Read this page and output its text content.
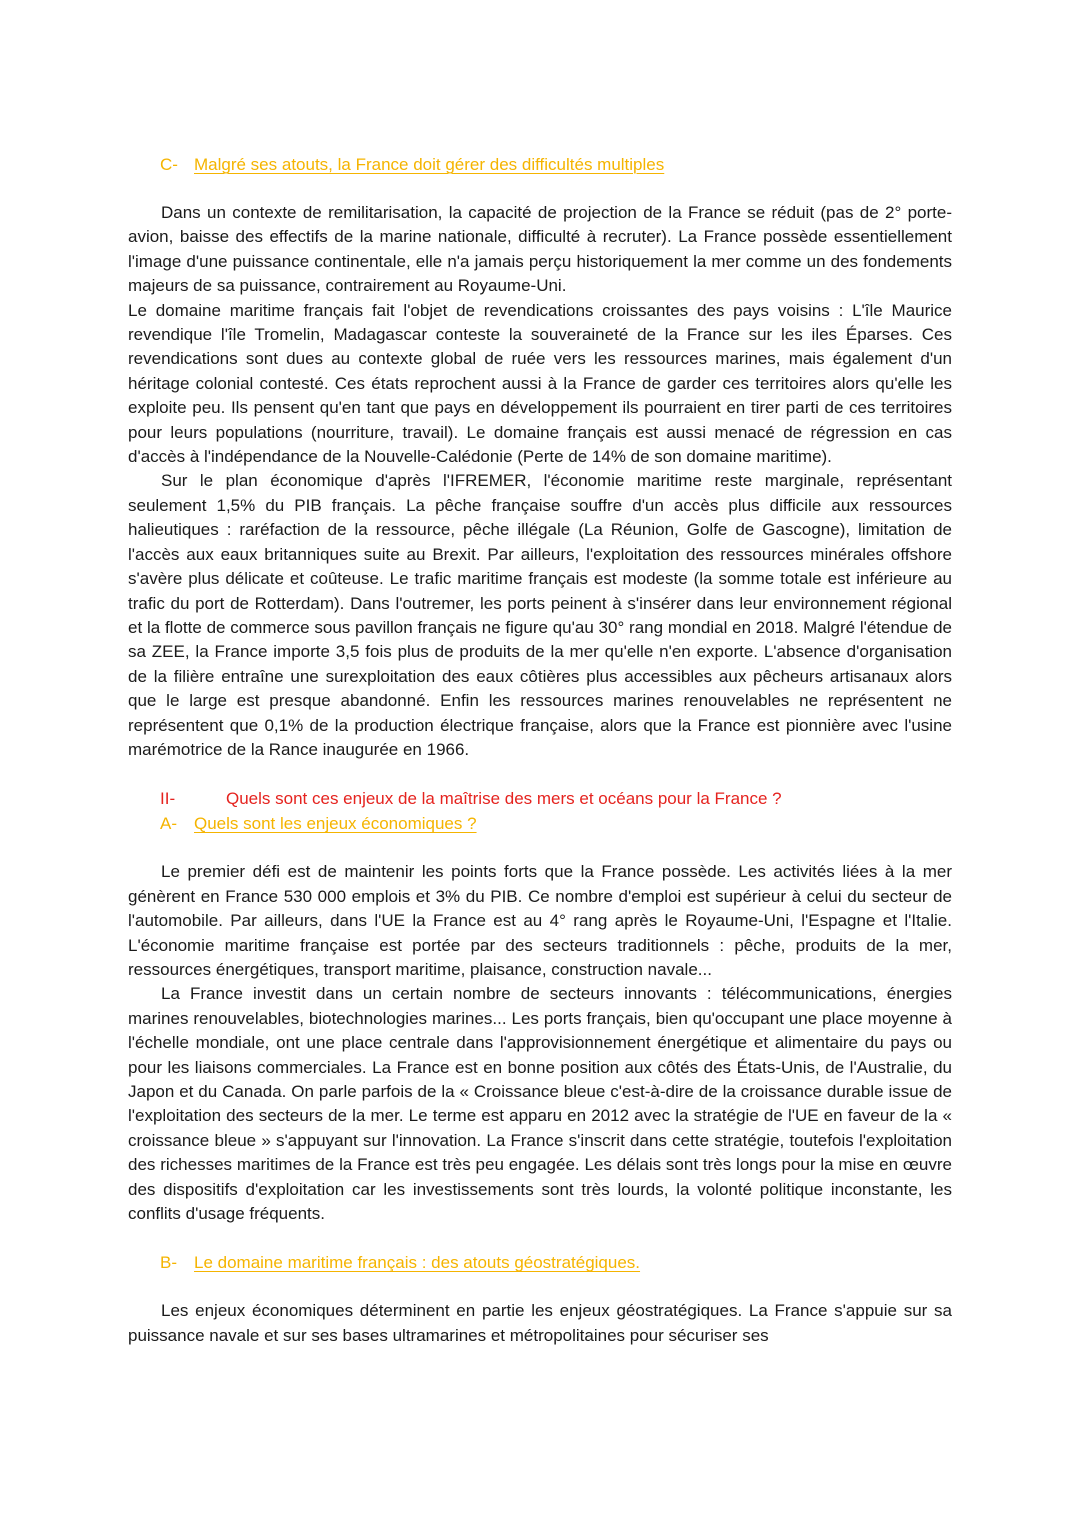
C- Malgré ses atouts, la France doit gérer des difficultés multiples

Dans un contexte de remilitarisation, la capacité de projection de la France se réduit (pas de 2° porte-avion, baisse des effectifs de la marine nationale, difficulté à recruter). La France possède essentiellement l'image d'une puissance continentale, elle n'a jamais perçu historiquement la mer comme un des fondements majeurs de sa puissance, contrairement au Royaume-Uni.

Le domaine maritime français fait l'objet de revendications croissantes des pays voisins : L'île Maurice revendique l'île Tromelin, Madagascar conteste la souveraineté de la France sur les iles Éparses. Ces revendications sont dues au contexte global de ruée vers les ressources marines, mais également d'un héritage colonial contesté. Ces états reprochent aussi à la France de garder ces territoires alors qu'elle les exploite peu. Ils pensent qu'en tant que pays en développement ils pourraient en tirer parti de ces territoires pour leurs populations (nourriture, travail). Le domaine français est aussi menacé de régression en cas d'accès à l'indépendance de la Nouvelle-Calédonie (Perte de 14% de son domaine maritime).

Sur le plan économique d'après l'IFREMER, l'économie maritime reste marginale, représentant seulement 1,5% du PIB français. La pêche française souffre d'un accès plus difficile aux ressources halieutiques : raréfaction de la ressource, pêche illégale (La Réunion, Golfe de Gascogne), limitation de l'accès aux eaux britanniques suite au Brexit. Par ailleurs, l'exploitation des ressources minérales offshore s'avère plus délicate et coûteuse. Le trafic maritime français est modeste (la somme totale est inférieure au trafic du port de Rotterdam). Dans l'outremer, les ports peinent à s'insérer dans leur environnement régional et la flotte de commerce sous pavillon français ne figure qu'au 30° rang mondial en 2018. Malgré l'étendue de sa ZEE, la France importe 3,5 fois plus de produits de la mer qu'elle n'en exporte. L'absence d'organisation de la filière entraîne une surexploitation des eaux côtières plus accessibles aux pêcheurs artisanaux alors que le large est presque abandonné. Enfin les ressources marines renouvelables ne représentent ne représentent que 0,1% de la production électrique française, alors que la France est pionnière avec l'usine marémotrice de la Rance inaugurée en 1966.

II-	Quels sont ces enjeux de la maîtrise des mers et océans pour la France ?
A- Quels sont les enjeux économiques ?

Le premier défi est de maintenir les points forts que la France possède. Les activités liées à la mer génèrent en France 530 000 emplois et 3% du PIB. Ce nombre d'emploi est supérieur à celui du secteur de l'automobile. Par ailleurs, dans l'UE la France est au 4° rang après le Royaume-Uni, l'Espagne et l'Italie. L'économie maritime française est portée par des secteurs traditionnels : pêche, produits de la mer, ressources énergétiques, transport maritime, plaisance, construction navale...

La France investit dans un certain nombre de secteurs innovants : télécommunications, énergies marines renouvelables, biotechnologies marines... Les ports français, bien qu'occupant une place moyenne à l'échelle mondiale, ont une place centrale dans l'approvisionnement énergétique et alimentaire du pays ou pour les liaisons commerciales. La France est en bonne position aux côtés des États-Unis, de l'Australie, du Japon et du Canada. On parle parfois de la « Croissance bleue c'est-à-dire de la croissance durable issue de l'exploitation des secteurs de la mer. Le terme est apparu en 2012 avec la stratégie de l'UE en faveur de la « croissance bleue » s'appuyant sur l'innovation. La France s'inscrit dans cette stratégie, toutefois l'exploitation des richesses maritimes de la France est très peu engagée. Les délais sont très longs pour la mise en œuvre des dispositifs d'exploitation car les investissements sont très lourds, la volonté politique inconstante, les conflits d'usage fréquents.

B- Le domaine maritime français : des atouts géostratégiques.

Les enjeux économiques déterminent en partie les enjeux géostratégiques. La France s'appuie sur sa puissance navale et sur ses bases ultramarines et métropolitaines pour sécuriser ses
